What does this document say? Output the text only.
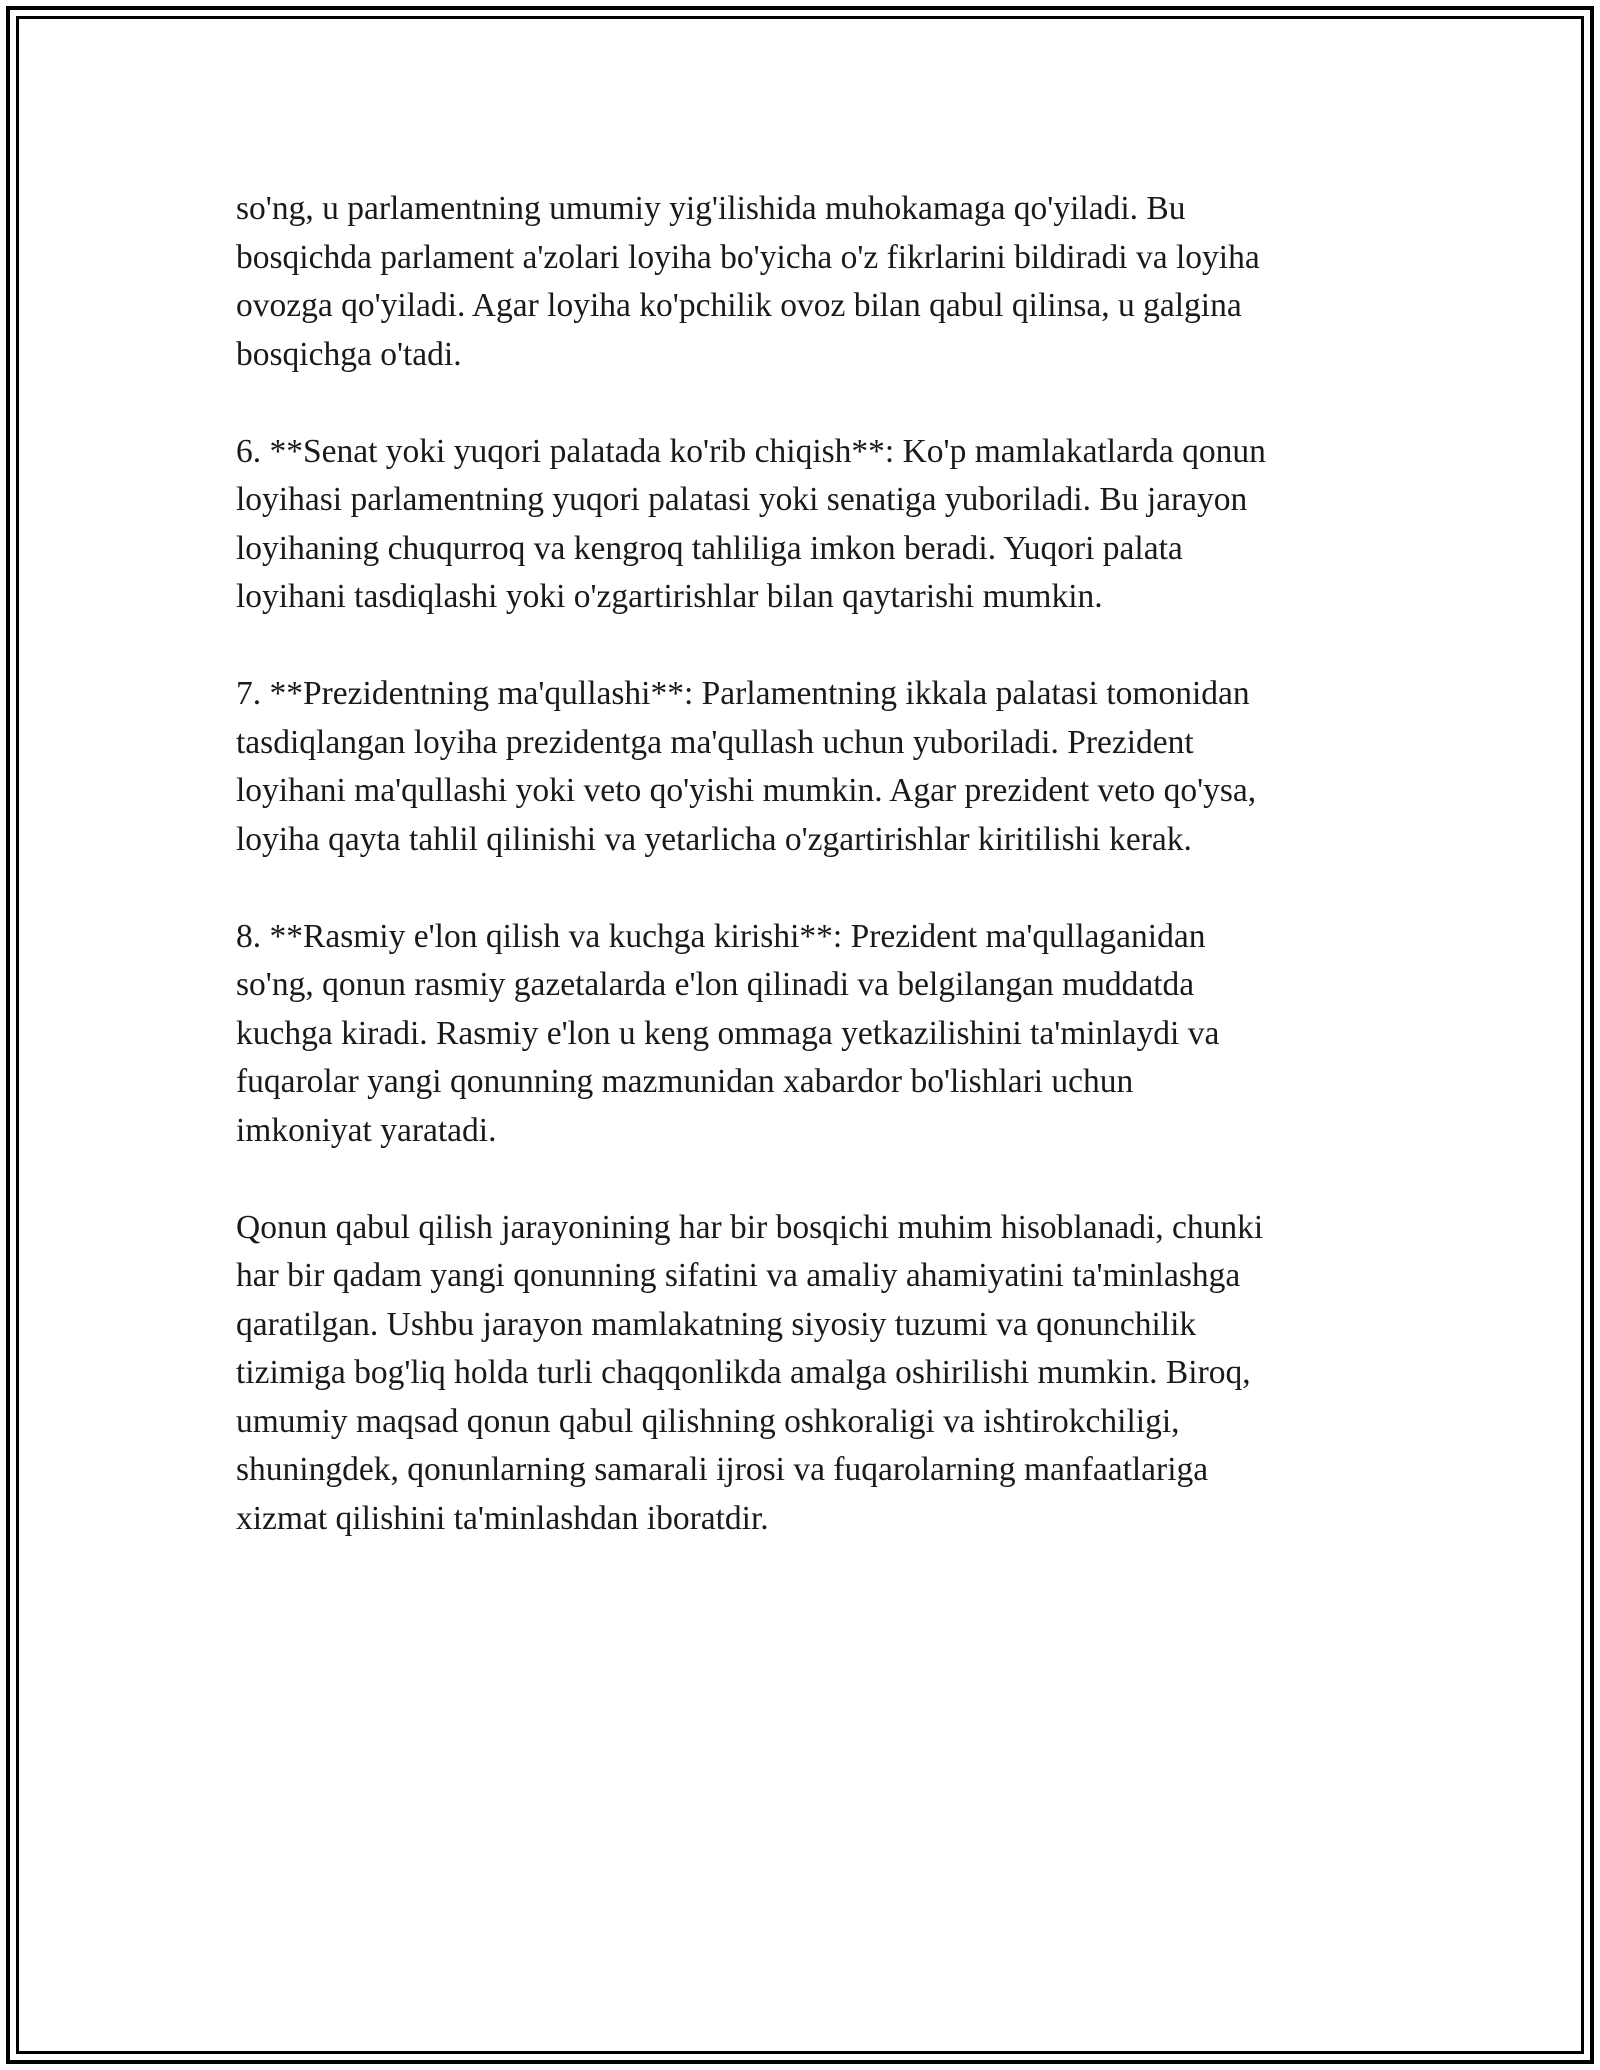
so'ng, u parlamentning umumiy yig'ilishida muhokamaga qo'yiladi. Bu
bosqichda parlament a'zolari loyiha bo'yicha o'z fikrlarini bildiradi va loyiha
ovozga qo'yiladi. Agar loyiha ko'pchilik ovoz bilan qabul qilinsa, u galgina
bosqichga o'tadi.

6. **Senat yoki yuqori palatada ko'rib chiqish**: Ko'p mamlakatlarda qonun
loyihasi parlamentning yuqori palatasi yoki senatiga yuboriladi. Bu jarayon
loyihaning chuqurroq va kengroq tahliliga imkon beradi. Yuqori palata
loyihani tasdiqlashi yoki o'zgartirishlar bilan qaytarishi mumkin.

7. **Prezidentning ma'qullashi**: Parlamentning ikkala palatasi tomonidan
tasdiqlangan loyiha prezidentga ma'qullash uchun yuboriladi. Prezident
loyihani ma'qullashi yoki veto qo'yishi mumkin. Agar prezident veto qo'ysa,
loyiha qayta tahlil qilinishi va yetarlicha o'zgartirishlar kiritilishi kerak.

8. **Rasmiy e'lon qilish va kuchga kirishi**: Prezident ma'qullaganidan
so'ng, qonun rasmiy gazetalarda e'lon qilinadi va belgilangan muddatda
kuchga kiradi. Rasmiy e'lon u keng ommaga yetkazilishini ta'minlaydi va
fuqarolar yangi qonunning mazmunidan xabardor bo'lishlari uchun
imkoniyat yaratadi.

Qonun qabul qilish jarayonining har bir bosqichi muhim hisoblanadi, chunki
har bir qadam yangi qonunning sifatini va amaliy ahamiyatini ta'minlashga
qaratilgan. Ushbu jarayon mamlakatning siyosiy tuzumi va qonunchilik
tizimiga bog'liq holda turli chaqqonlikda amalga oshirilishi mumkin. Biroq,
umumiy maqsad qonun qabul qilishning oshkoraligi va ishtirokchiligi,
shuningdek, qonunlarning samarali ijrosi va fuqarolarning manfaatlariga
xizmat qilishini ta'minlashdan iboratdir.
